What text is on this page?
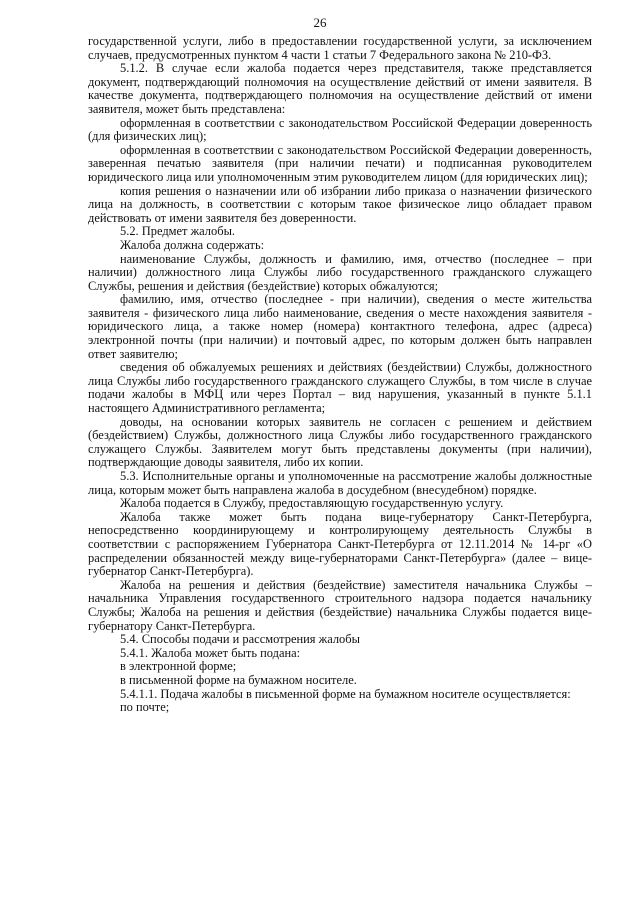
26

государственной услуги, либо в предоставлении государственной услуги, за исключением случаев, предусмотренных пунктом 4 части 1 статьи 7 Федерального закона № 210-ФЗ.

5.1.2. В случае если жалоба подается через представителя, также представляется документ, подтверждающий полномочия на осуществление действий от имени заявителя. В качестве документа, подтверждающего полномочия на осуществление действий от имени заявителя, может быть представлена:

оформленная в соответствии с законодательством Российской Федерации доверенность (для физических лиц);

оформленная в соответствии с законодательством Российской Федерации доверенность, заверенная печатью заявителя (при наличии печати) и подписанная руководителем юридического лица или уполномоченным этим руководителем лицом (для юридических лиц);

копия решения о назначении или об избрании либо приказа о назначении физического лица на должность, в соответствии с которым такое физическое лицо обладает правом действовать от имени заявителя без доверенности.

5.2. Предмет жалобы.

Жалоба должна содержать:

наименование Службы, должность и фамилию, имя, отчество (последнее – при наличии) должностного лица Службы либо государственного гражданского служащего Службы, решения и действия (бездействие) которых обжалуются;

фамилию, имя, отчество (последнее - при наличии), сведения о месте жительства заявителя - физического лица либо наименование, сведения о месте нахождения заявителя - юридического лица, а также номер (номера) контактного телефона, адрес (адреса) электронной почты (при наличии) и почтовый адрес, по которым должен быть направлен ответ заявителю;

сведения об обжалуемых решениях и действиях (бездействии) Службы, должностного лица Службы либо государственного гражданского служащего Службы, в том числе в случае подачи жалобы в МФЦ или через Портал – вид нарушения, указанный в пункте 5.1.1 настоящего Административного регламента;

доводы, на основании которых заявитель не согласен с решением и действием (бездействием) Службы, должностного лица Службы либо государственного гражданского служащего Службы. Заявителем могут быть представлены документы (при наличии), подтверждающие доводы заявителя, либо их копии.

5.3. Исполнительные органы и уполномоченные на рассмотрение жалобы должностные лица, которым может быть направлена жалоба в досудебном (внесудебном) порядке.

Жалоба подается в Службу, предоставляющую государственную услугу.

Жалоба также может быть подана вице-губернатору Санкт-Петербурга, непосредственно координирующему и контролирующему деятельность Службы в соответствии с распоряжением Губернатора Санкт-Петербурга от 12.11.2014 № 14-рг «О распределении обязанностей между вице-губернаторами Санкт-Петербурга» (далее – вице- губернатор Санкт-Петербурга).

Жалоба на решения и действия (бездействие) заместителя начальника Службы – начальника Управления государственного строительного надзора подается начальнику Службы; Жалоба на решения и действия (бездействие) начальника Службы подается вице- губернатору Санкт-Петербурга.

5.4. Способы подачи и рассмотрения жалобы

5.4.1. Жалоба может быть подана:

в электронной форме;

в письменной форме на бумажном носителе.

5.4.1.1. Подача жалобы в письменной форме на бумажном носителе осуществляется:

по почте;
